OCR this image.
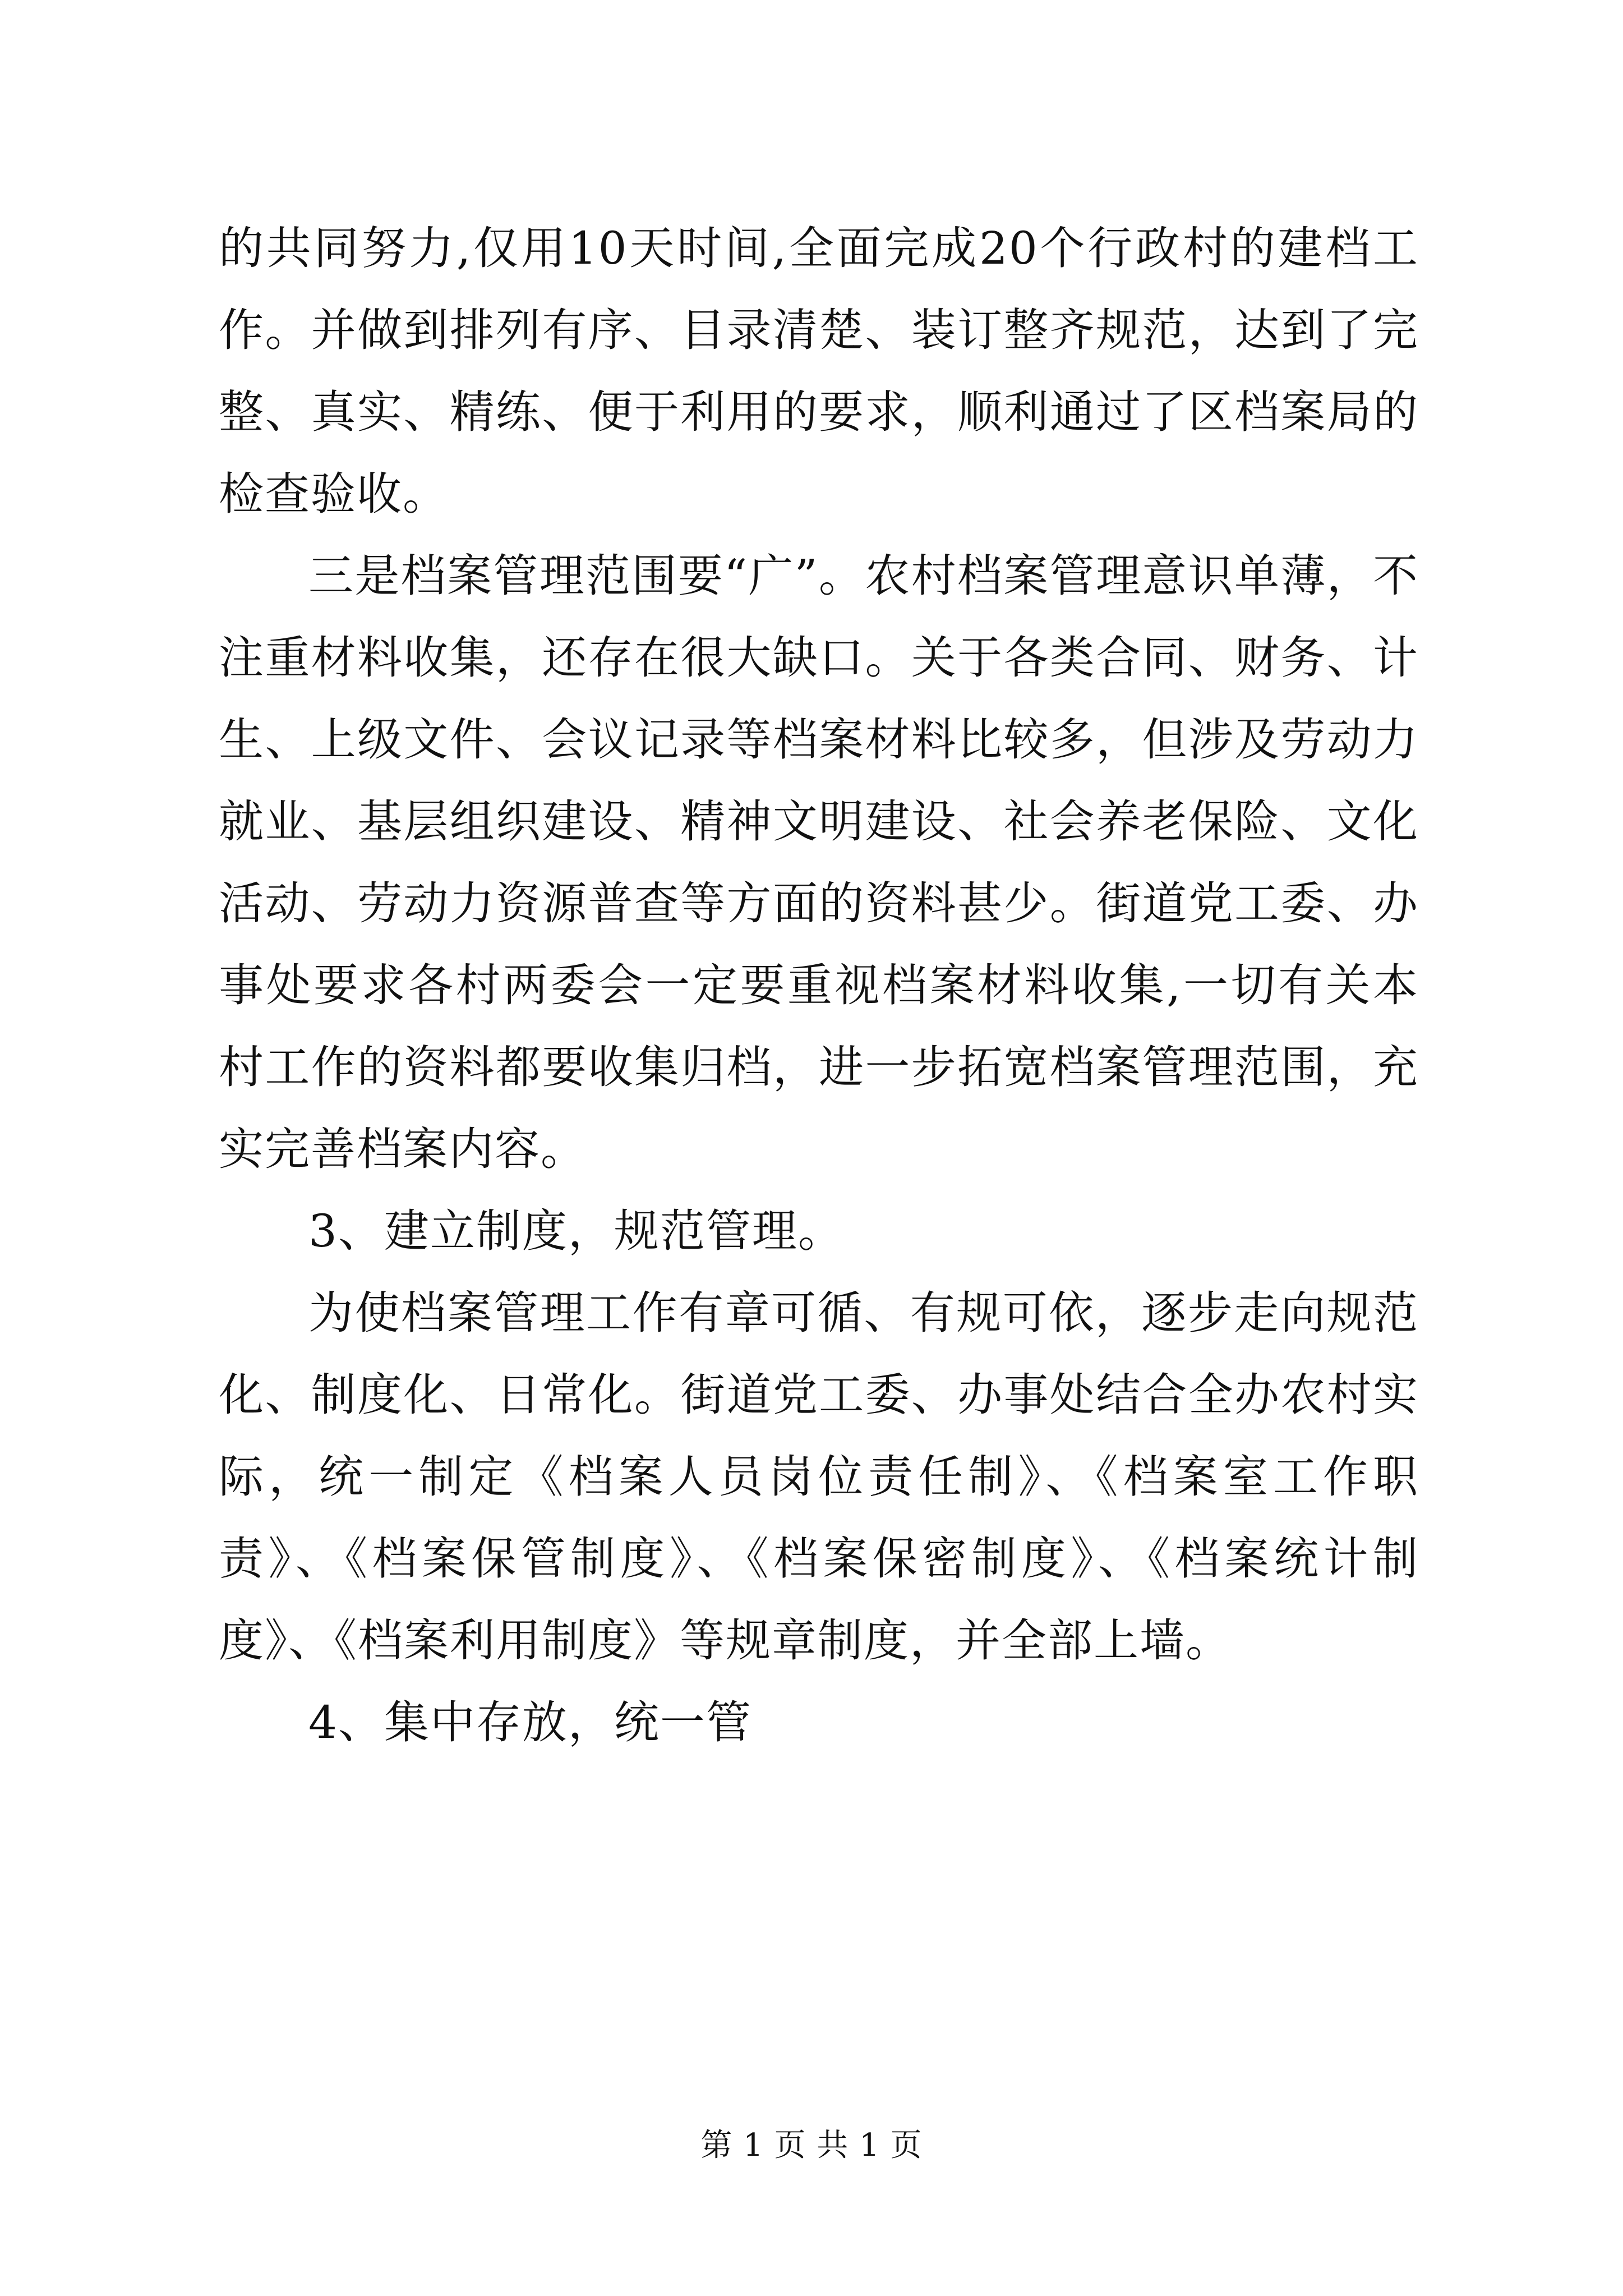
的共同努力,仅用10天时间,全面完成20个行政村的建档工作。并做到排列有序、目录清楚、装订整齐规范，达到了完整、真实、精练、便于利用的要求，顺利通过了区档案局的检查验收。

三是档案管理范围要“广”。农村档案管理意识单薄，不注重材料收集，还存在很大缺口。关于各类合同、财务、计生、上级文件、会议记录等档案材料比较多，但涉及劳动力就业、基层组织建设、精神文明建设、社会养老保险、文化活动、劳动力资源普查等方面的资料甚少。街道党工委、办事处要求各村两委会一定要重视档案材料收集,一切有关本村工作的资料都要收集归档，进一步拓宽档案管理范围，充实完善档案内容。

3、建立制度，规范管理。

为使档案管理工作有章可循、有规可依，逐步走向规范化、制度化、日常化。街道党工委、办事处结合全办农村实际，统一制定《档案人员岗位责任制》、《档案室工作职责》、《档案保管制度》、《档案保密制度》、《档案统计制度》、《档案利用制度》等规章制度，并全部上墙。

4、集中存放，统一管

第 1 页 共 1 页
